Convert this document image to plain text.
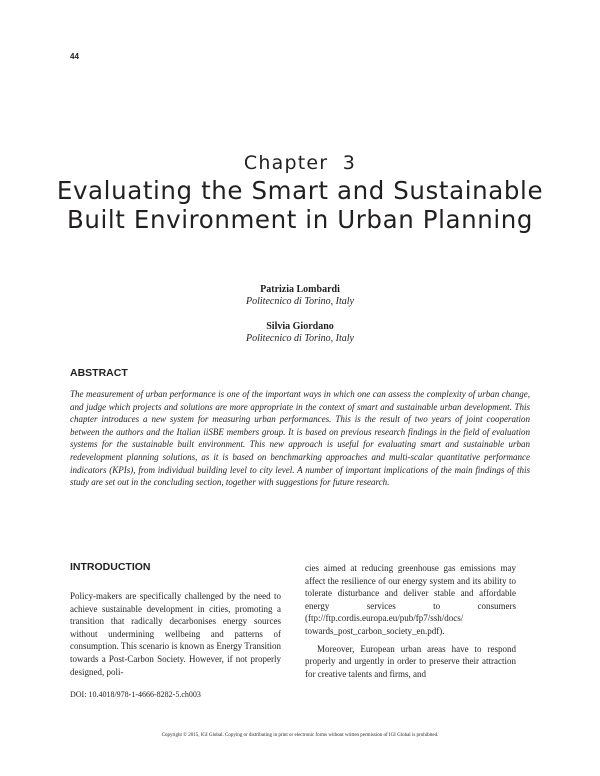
44
Chapter  3
Evaluating the Smart and Sustainable Built Environment in Urban Planning
Patrizia Lombardi
Politecnico di Torino, Italy
Silvia Giordano
Politecnico di Torino, Italy
ABSTRACT
The measurement of urban performance is one of the important ways in which one can assess the complexity of urban change, and judge which projects and solutions are more appropriate in the context of smart and sustainable urban development. This chapter introduces a new system for measuring urban performances. This is the result of two years of joint cooperation between the authors and the Italian iiSBE members group. It is based on previous research findings in the field of evaluation systems for the sustainable built environment. This new approach is useful for evaluating smart and sustainable urban redevelopment planning solutions, as it is based on benchmarking approaches and multi-scalar quantitative performance indicators (KPIs), from individual building level to city level. A number of important implications of the main findings of this study are set out in the concluding section, together with suggestions for future research.
INTRODUCTION

Policy-makers are specifically challenged by the need to achieve sustainable development in cities, promoting a transition that radically decarbonises energy sources without undermining wellbeing and patterns of consumption. This scenario is known as Energy Transition towards a Post-Carbon Society. However, if not properly designed, poli-

cies aimed at reducing greenhouse gas emissions may affect the resilience of our energy system and its ability to tolerate disturbance and deliver stable and affordable energy services to consumers (ftp://ftp.cordis.europa.eu/pub/fp7/ssh/docs/ towards_post_carbon_society_en.pdf).

Moreover, European urban areas have to respond properly and urgently in order to preserve their attraction for creative talents and firms, and

DOI: 10.4018/978-1-4666-8282-5.ch003
Copyright © 2015, IGI Global. Copying or distributing in print or electronic forms without written permission of IGI Global is prohibited.
